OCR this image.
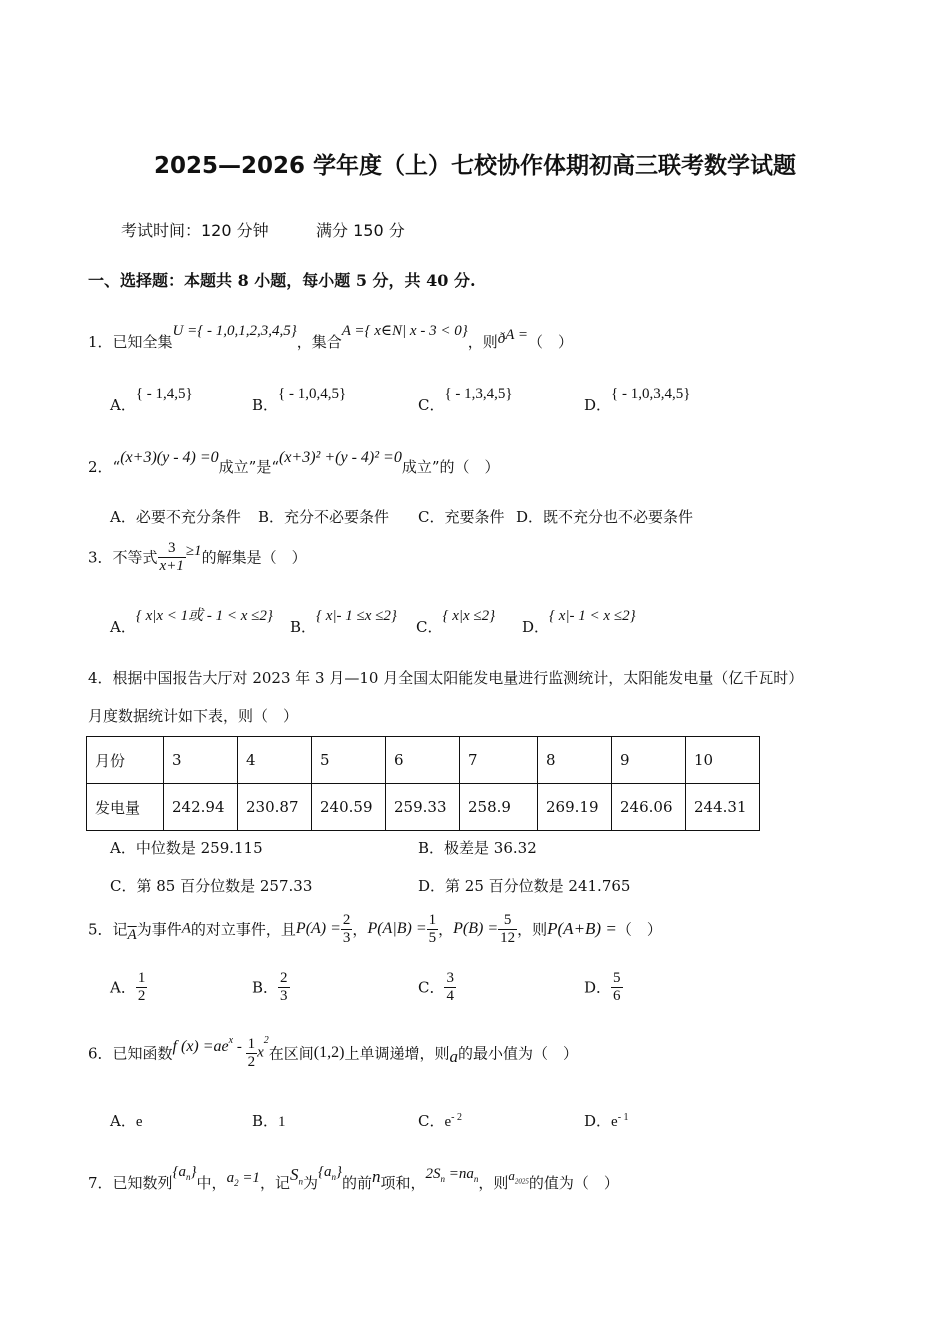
2025—2026 学年度（上）七校协作体期初高三联考数学试题
考试时间：120 分钟	满分 150 分
一、选择题：本题共 8 小题，每小题 5 分，共 40 分.
1．已知全集U ={ - 1,0,1,2,3,4,5}，集合A ={ x∈N| x - 3 < 0}，则ðA =（　）
A．{ - 1,4,5}
B．{ - 1,0,4,5}
C．{ - 1,3,4,5}
D．{ - 1,0,3,4,5}
2．“(x+3)(y - 4) =0成立”是“(x+3)² +(y - 4)² =0成立”的（　）
A．必要不充分条件 B．充分不必要条件 C．充要条件 D．既不充分也不必要条件
3．不等式 $\frac{3}{x+1} \ge 1$的解集是（　）
A．{ x|x < 1或 - 1 < x ≤2}
B．{ x|- 1 ≤x ≤2}
C．{ x|x ≤2}
D．{ x|- 1 < x ≤2}
4．根据中国报告大厅对 2023 年 3 月—10 月全国太阳能发电量进行监测统计，太阳能发电量（亿千瓦时）
月度数据统计如下表，则（　）
月份	3	4	5	6	7	8	9	10
发电量	242.94	230.87	240.59	259.33	258.9	269.19	246.06	244.31
A．中位数是 259.115	B．极差是 36.32
C．第 85 百分位数是 257.33	D．第 25 百分位数是 241.765
5．记$\overline{A}$为事件A的对立事件，且$P(A) = \frac{2}{3}$ ，$P(A|B) = \frac{1}{5}$ ，$P(B) = \frac{5}{12}$ ，则P(A+B) =（　）
A． $\frac{1}{2}$	B． $\frac{2}{3}$	C． $\frac{3}{4}$	D． $\frac{5}{6}$
6．已知函数f $(x) =ae^x - \frac{1}{2} x^2$在区间(1,2)上单调递增，则a的最小值为（　）
A．e	B．1	C．$e^{- 2}$	D．$e^{- 1}$
7．已知数列$\{a_n\}$中，$a_2 =1$，记$S_n$为$\{a_n\}$的前n项和，$2S_n =na_n$，则$a_{2025}$的值为（　）
